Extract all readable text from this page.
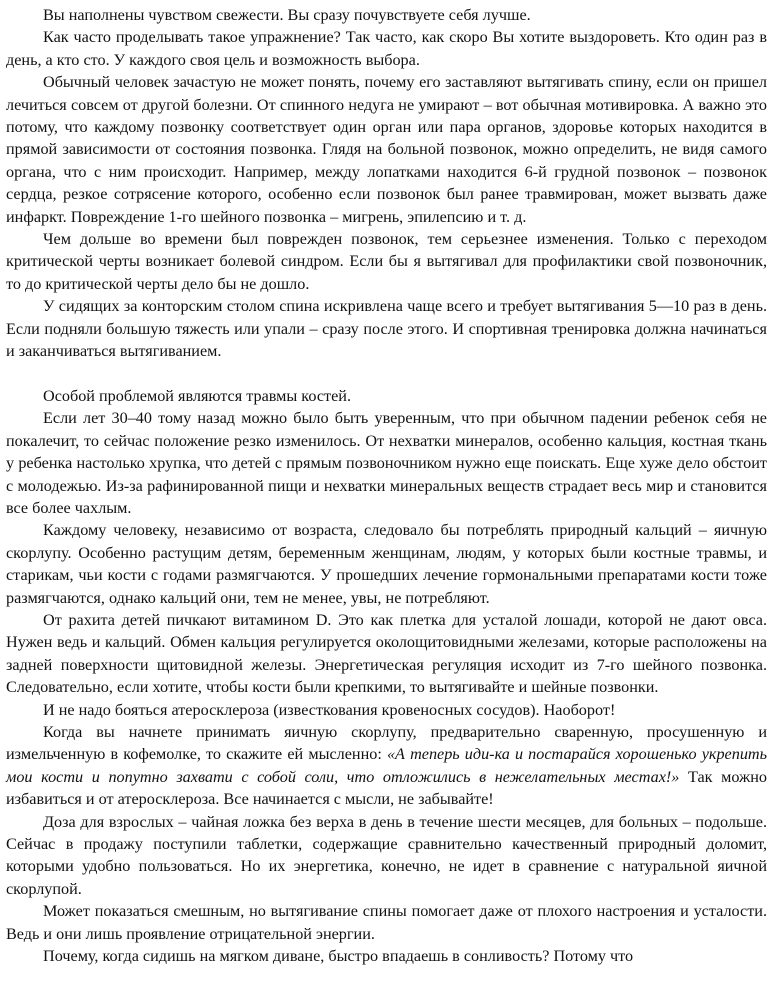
Вы наполнены чувством свежести. Вы сразу почувствуете себя лучше.

Как часто проделывать такое упражнение? Так часто, как скоро Вы хотите выздороветь. Кто один раз в день, а кто сто. У каждого своя цель и возможность выбора.

Обычный человек зачастую не может понять, почему его заставляют вытягивать спину, если он пришел лечиться совсем от другой болезни. От спинного недуга не умирают – вот обычная мотивировка. А важно это потому, что каждому позвонку соответствует один орган или пара органов, здоровье которых находится в прямой зависимости от состояния позвонка. Глядя на больной позвонок, можно определить, не видя самого органа, что с ним происходит. Например, между лопатками находится 6-й грудной позвонок – позвонок сердца, резкое сотрясение которого, особенно если позвонок был ранее травмирован, может вызвать даже инфаркт. Повреждение 1-го шейного позвонка – мигрень, эпилепсию и т. д.

Чем дольше во времени был поврежден позвонок, тем серьезнее изменения. Только с переходом критической черты возникает болевой синдром. Если бы я вытягивал для профилактики свой позвоночник, то до критической черты дело бы не дошло.

У сидящих за конторским столом спина искривлена чаще всего и требует вытягивания 5—10 раз в день. Если подняли большую тяжесть или упали – сразу после этого. И спортивная тренировка должна начинаться и заканчиваться вытягиванием.

Особой проблемой являются травмы костей.

Если лет 30–40 тому назад можно было быть уверенным, что при обычном падении ребенок себя не покалечит, то сейчас положение резко изменилось. От нехватки минералов, особенно кальция, костная ткань у ребенка настолько хрупка, что детей с прямым позвоночником нужно еще поискать. Еще хуже дело обстоит с молодежью. Из-за рафинированной пищи и нехватки минеральных веществ страдает весь мир и становится все более чахлым.

Каждому человеку, независимо от возраста, следовало бы потреблять природный кальций – яичную скорлупу. Особенно растущим детям, беременным женщинам, людям, у которых были костные травмы, и старикам, чьи кости с годами размягчаются. У прошедших лечение гормональными препаратами кости тоже размягчаются, однако кальций они, тем не менее, увы, не потребляют.

От рахита детей пичкают витамином D. Это как плетка для усталой лошади, которой не дают овса. Нужен ведь и кальций. Обмен кальция регулируется околощитовидными железами, которые расположены на задней поверхности щитовидной железы. Энергетическая регуляция исходит из 7-го шейного позвонка. Следовательно, если хотите, чтобы кости были крепкими, то вытягивайте и шейные позвонки.

И не надо бояться атеросклероза (известкования кровеносных сосудов). Наоборот!

Когда вы начнете принимать яичную скорлупу, предварительно сваренную, просушенную и измельченную в кофемолке, то скажите ей мысленно: «А теперь иди-ка и постарайся хорошенько укрепить мои кости и попутно захвати с собой соли, что отложились в нежелательных местах!» Так можно избавиться и от атеросклероза. Все начинается с мысли, не забывайте!

Доза для взрослых – чайная ложка без верха в день в течение шести месяцев, для больных – подольше. Сейчас в продажу поступили таблетки, содержащие сравнительно качественный природный доломит, которыми удобно пользоваться. Но их энергетика, конечно, не идет в сравнение с натуральной яичной скорлупой.

Может показаться смешным, но вытягивание спины помогает даже от плохого настроения и усталости. Ведь и они лишь проявление отрицательной энергии.

Почему, когда сидишь на мягком диване, быстро впадаешь в сонливость? Потому что
